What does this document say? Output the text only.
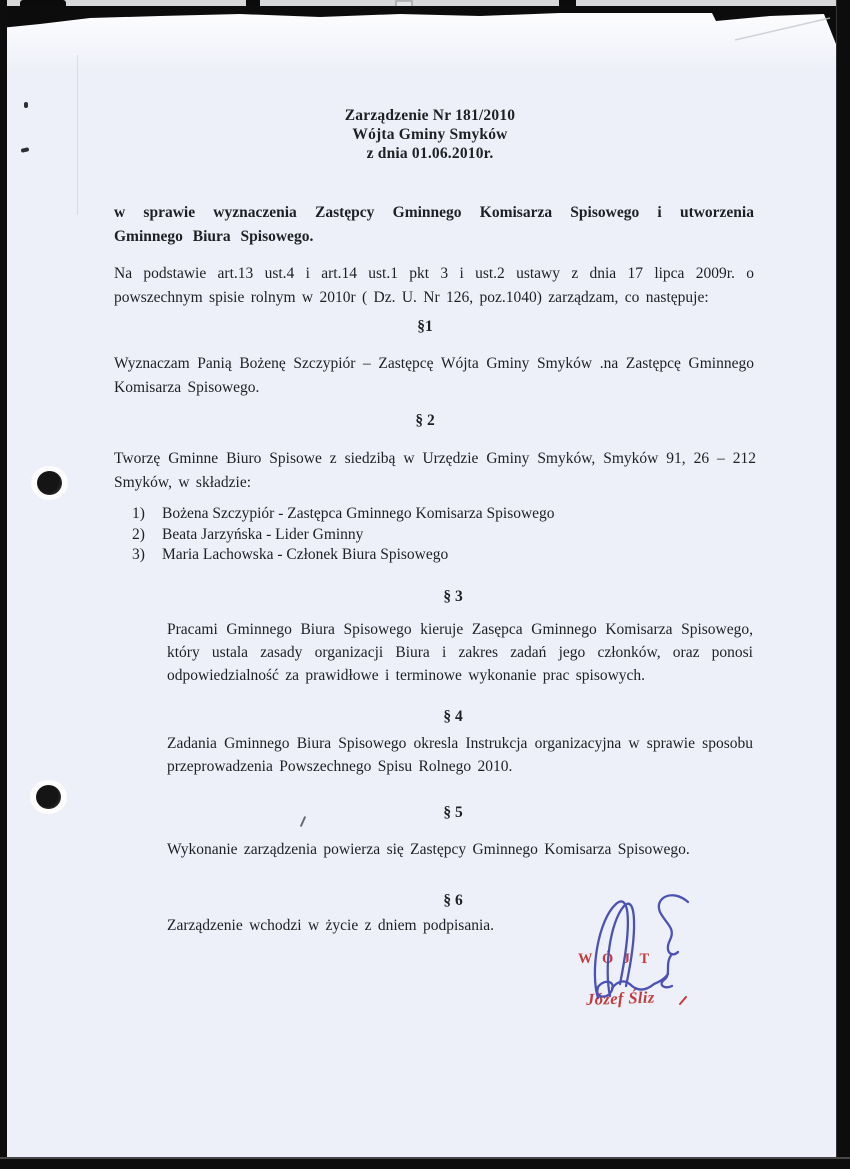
Zarządzenie Nr 181/2010
Wójta Gminy Smyków
z dnia 01.06.2010r.
w sprawie wyznaczenia Zastępcy Gminnego Komisarza Spisowego i utworzenia Gminnego Biura Spisowego.
Na podstawie art.13 ust.4 i art.14 ust.1 pkt 3 i ust.2 ustawy z dnia 17 lipca 2009r. o powszechnym spisie rolnym w 2010r ( Dz. U. Nr 126, poz.1040) zarządzam, co następuje:
§1
Wyznaczam Panią Bożenę Szczypiór – Zastępcę Wójta Gminy Smyków .na Zastępcę Gminnego Komisarza Spisowego.
§ 2
Tworzę Gminne Biuro Spisowe z siedzibą w Urzędzie Gminy Smyków, Smyków 91, 26 – 212 Smyków, w składzie:
1)	Bożena Szczypiór - Zastępca Gminnego Komisarza Spisowego
2)	Beata Jarzyńska - Lider Gminny
3)	Maria Lachowska - Członek Biura Spisowego
§ 3
Pracami Gminnego Biura Spisowego kieruje Zasępca Gminnego Komisarza Spisowego, który ustala zasady organizacji Biura i zakres zadań jego członków, oraz ponosi odpowiedzialność za prawidłowe i terminowe wykonanie prac spisowych.
§ 4
Zadania Gminnego Biura Spisowego okresla Instrukcja organizacyjna w sprawie sposobu przeprowadzenia Powszechnego Spisu Rolnego 2010.
§ 5
Wykonanie zarządzenia powierza się Zastępcy Gminnego Komisarza Spisowego.
§ 6
Zarządzenie wchodzi w życie z dniem podpisania.
WÓJT
Józef Śliz
